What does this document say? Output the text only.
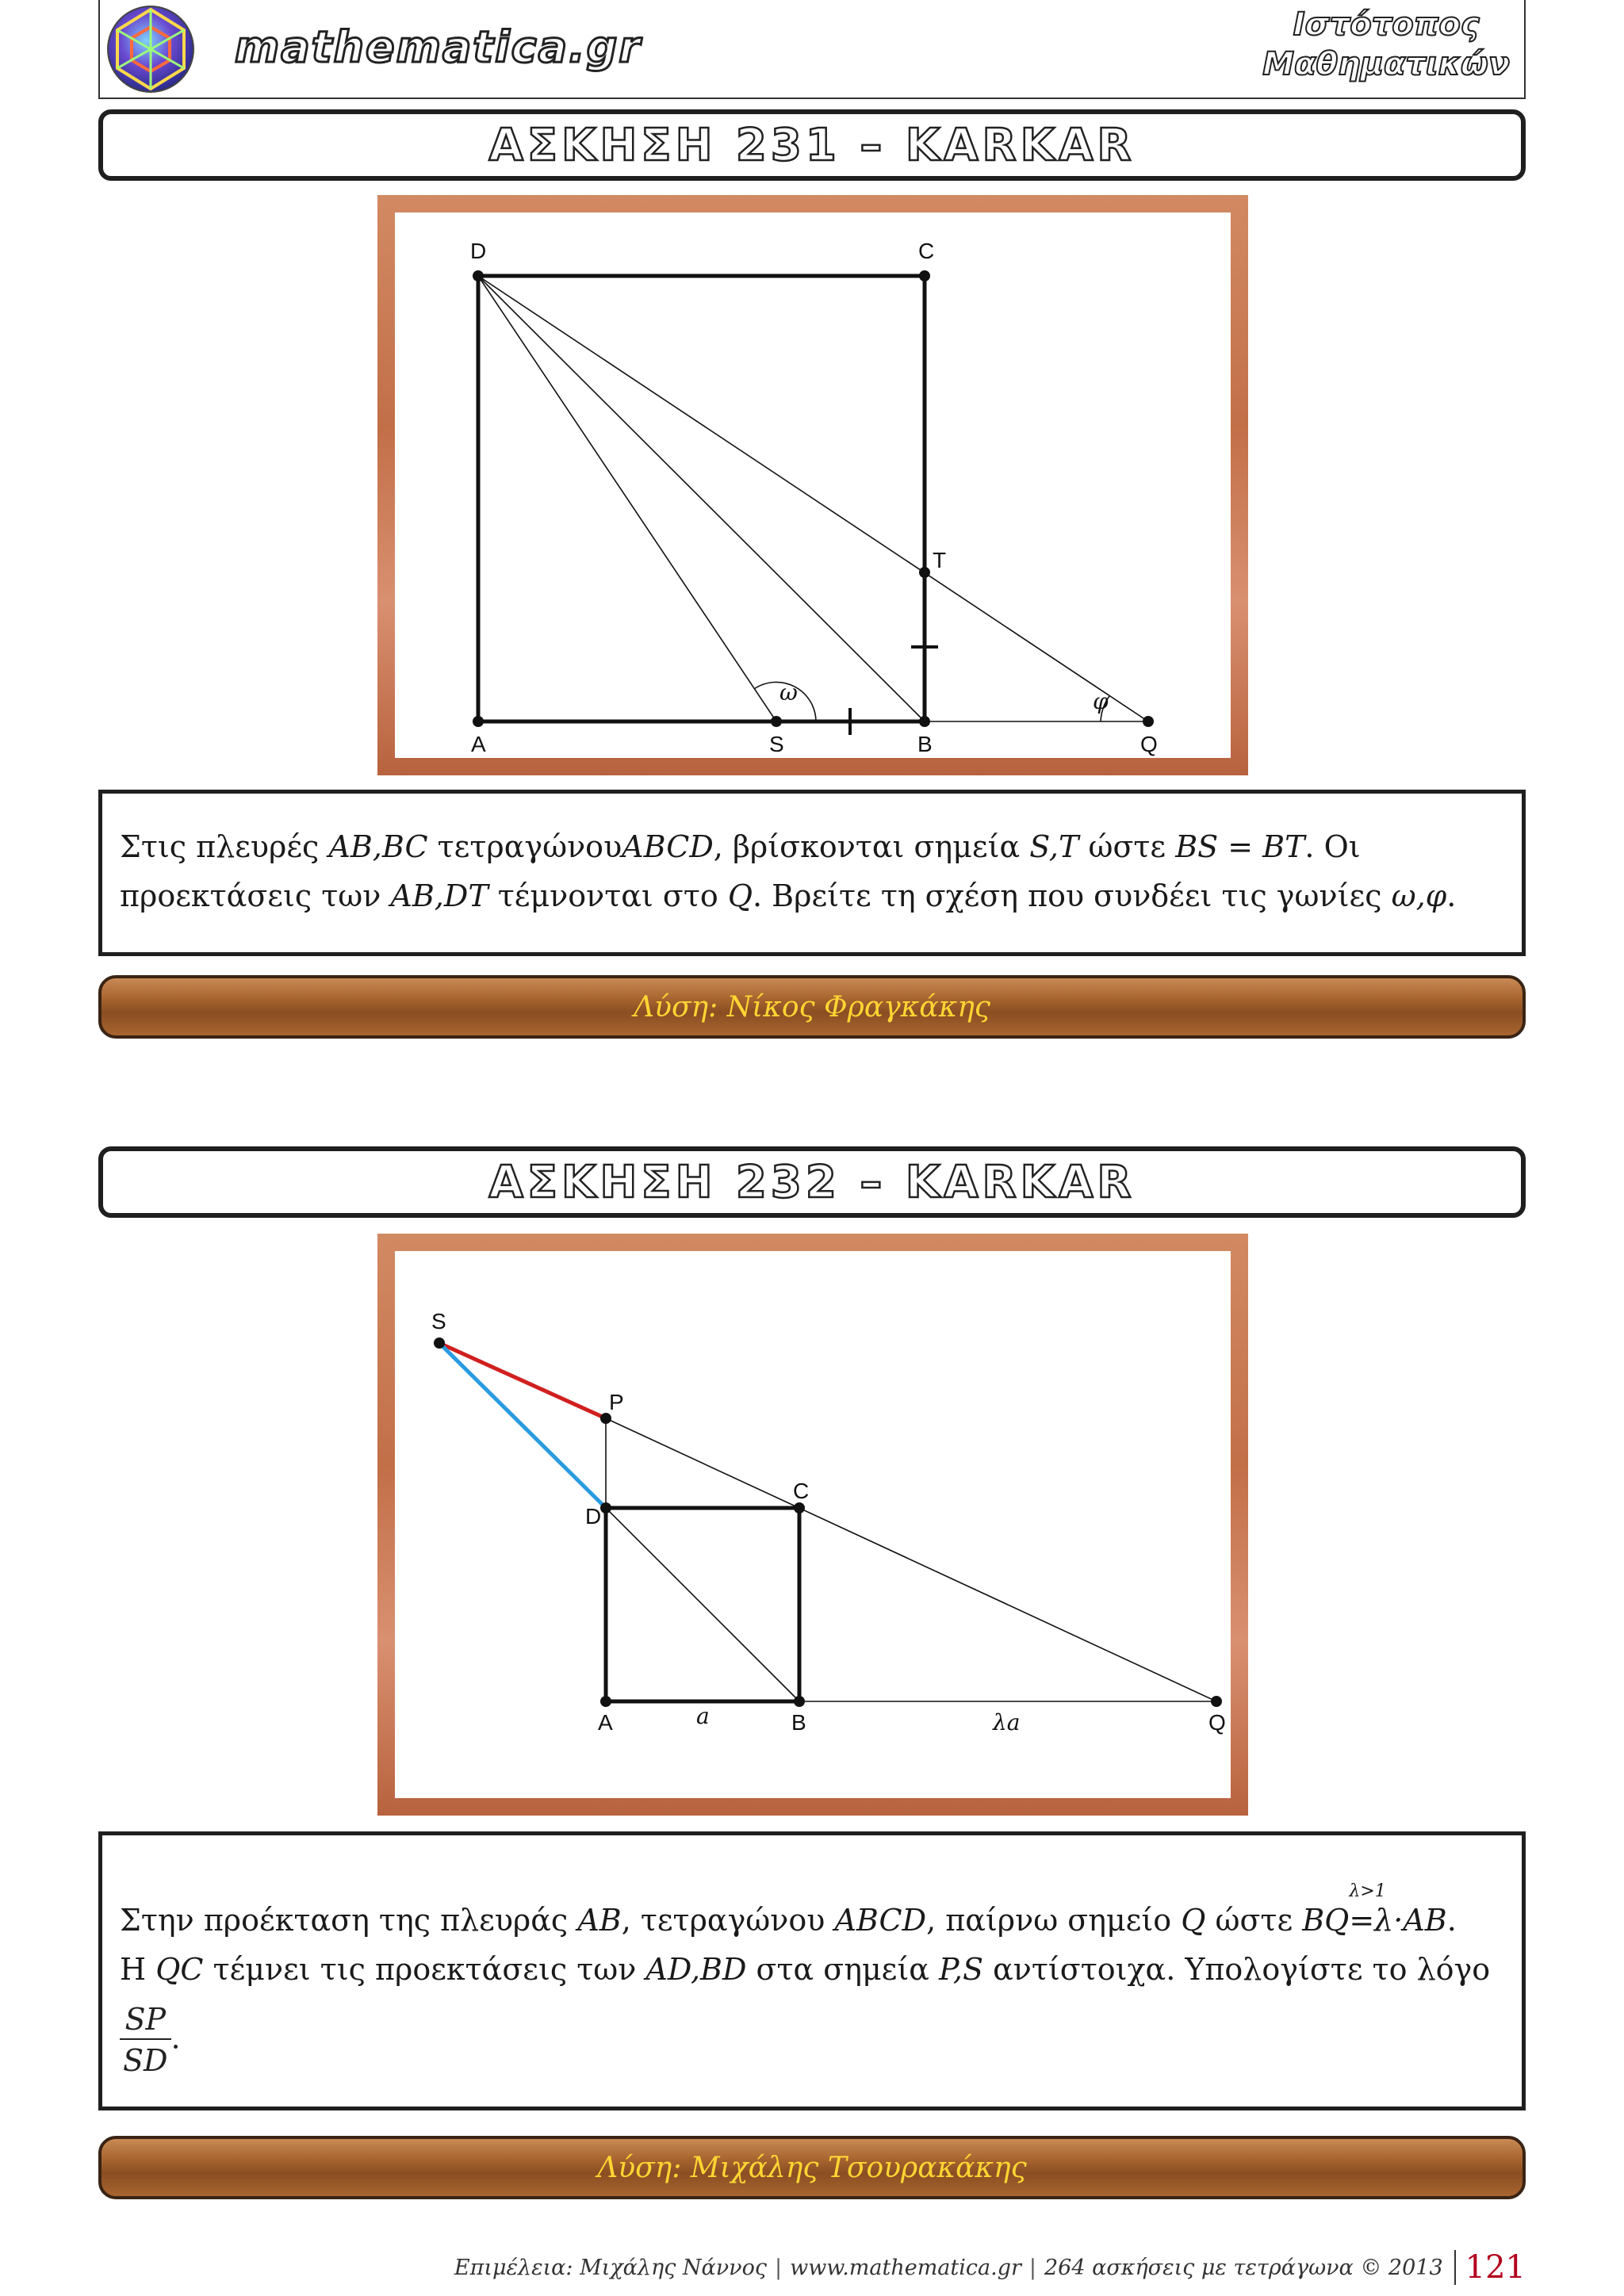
mathematica.gr	Ιστότοπος
Μαθηματικών
ΑΣΚΗΣΗ 231 – KARKAR
D	C
T
A	S	B	Q
ω	φ

Στις πλευρές AB,BC τετραγώνουABCD, βρίσκονται σημεία S,T ώστε BS = BT. Οι

προεκτάσεις των AB,DT τέμνονται στο Q. Βρείτε τη σχέση που συνδέει τις γωνίες ω,φ.

Λύση: Νίκος Φραγκάκης
ΑΣΚΗΣΗ 232 – KARKAR
S
P
C
D
A	B	Q
a	λa

Στην προέκταση της πλευράς AB, τετραγώνου ABCD, παίρνω σημείο Q ώστε BQ
λ>1
=λ·AB.

Η QC τέμνει τις προεκτάσεις των AD,BD στα σημεία P,S αντίστοιχα. Υπολογίστε το λόγο

$\frac{SP}{SD}$ .
Λύση: Μιχάλης Τσουρακάκης
Επιμέλεια: Μιχάλης Νάννος | www.mathematica.gr | 264 ασκήσεις με τετράγωνα © 2013 121
